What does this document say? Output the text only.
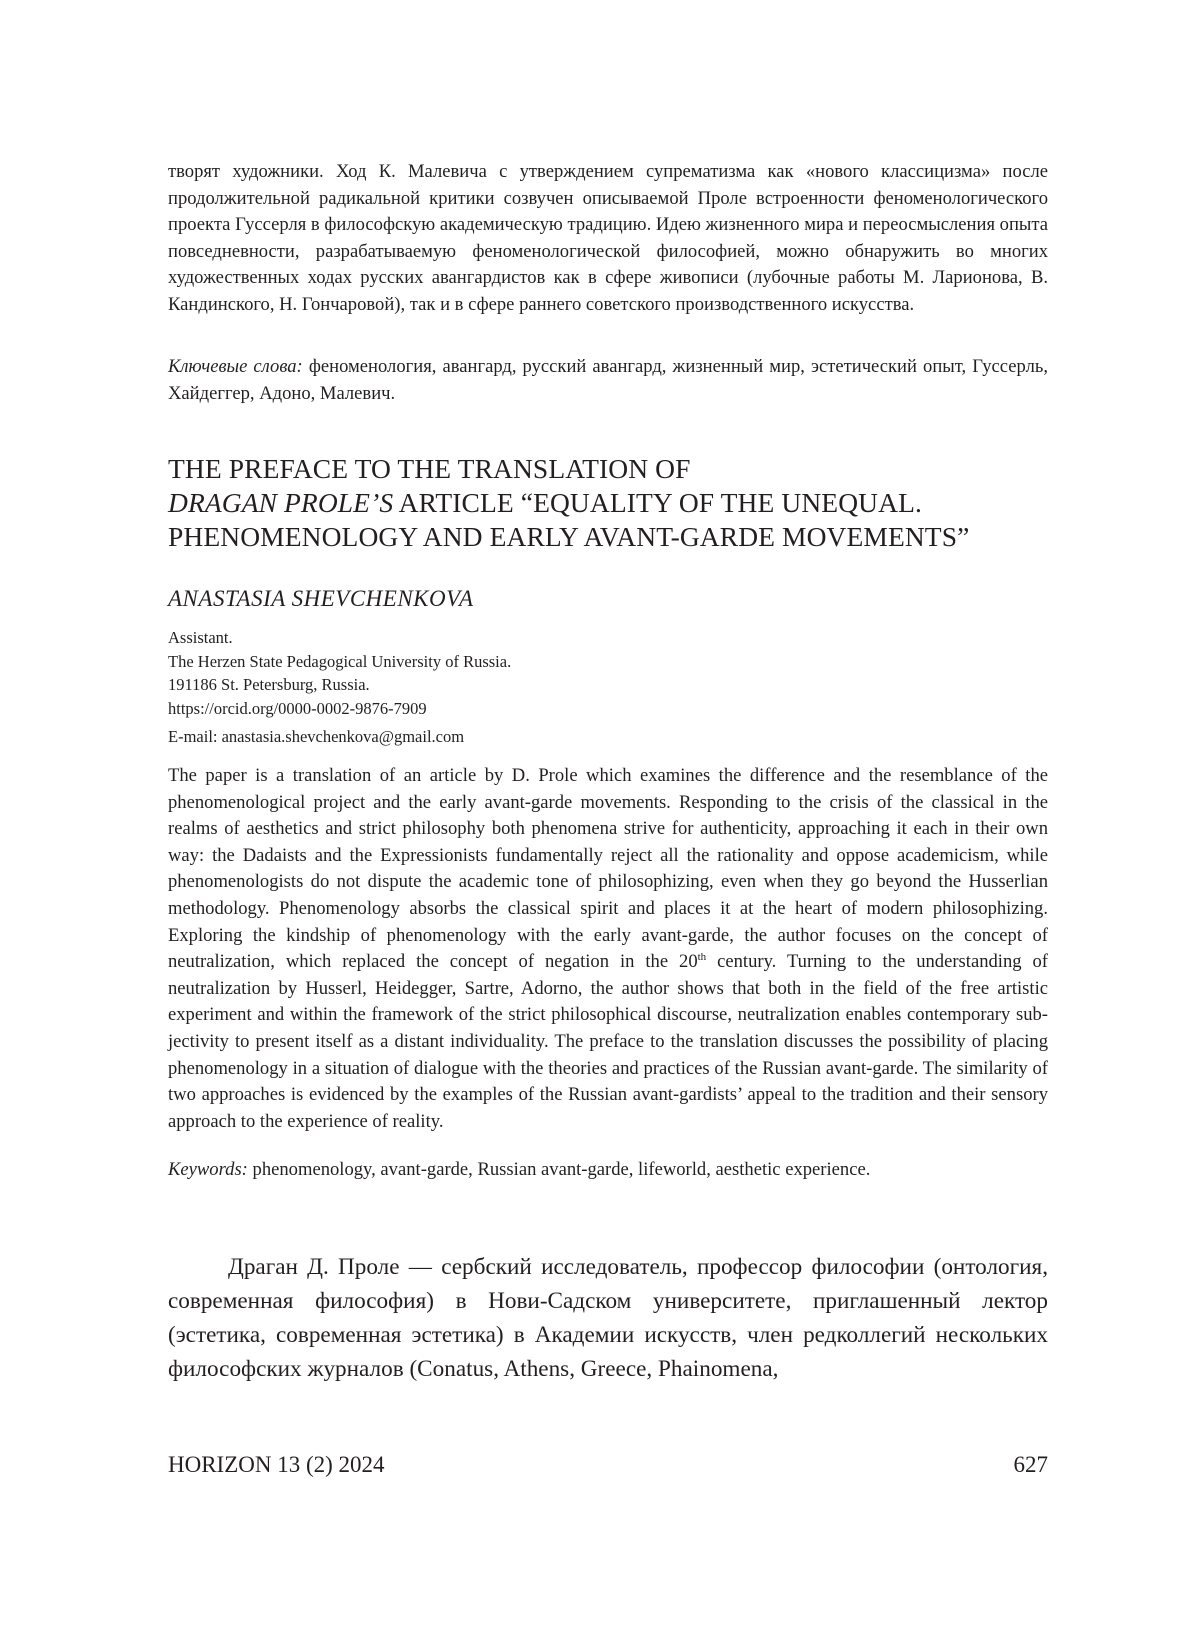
творят художники. Ход К. Малевича с утверждением супрематизма как «нового классицизма» после продолжительной радикальной критики созвучен описываемой Проле встроенности феноменологического проекта Гуссерля в философскую академическую традицию. Идею жизненного мира и переосмысления опыта повседневности, разрабатываемую феноменологической философией, можно обнаружить во многих художественных ходах русских авангардистов как в сфере живописи (лубочные работы М. Ларионова, В. Кандинского, Н. Гончаровой), так и в сфере раннего советского производственного искусства.

Ключевые слова: феноменология, авангард, русский авангард, жизненный мир, эстетический опыт, Гуссерль, Хайдеггер, Адоно, Малевич.

THE PREFACE TO THE TRANSLATION OF
DRAGAN PROLE’S ARTICLE “EQUALITY OF THE UNEQUAL.
PHENOMENOLOGY AND EARLY AVANT-GARDE MOVEMENTS”

ANASTASIA SHEVCHENKOVA

Assistant.
The Herzen State Pedagogical University of Russia.
191186 St. Petersburg, Russia.
https://orcid.org/0000-0002-9876-7909

E-mail: anastasia.shevchenkova@gmail.com

The paper is a translation of an article by D. Prole which examines the difference and the resemblance of the phenomenological project and the early avant-garde movements. Responding to the crisis of the classical in the realms of aesthetics and strict philosophy both phenomena strive for authenticity, approaching it each in their own way: the Dadaists and the Expressionists fundamentally reject all the rationality and oppose academicism, while phenomenologists do not dispute the academic tone of philosophizing, even when they go beyond the Husserlian methodology. Phenomenology absorbs the classical spirit and places it at the heart of modern philosophizing. Exploring the kindship of phenomenology with the early avant-garde, the author focuses on the concept of neutralization, which replaced the concept of negation in the 20th century. Turning to the understanding of neutralization by Husserl, Heidegger, Sartre, Adorno, the author shows that both in the field of the free artistic experiment and within the framework of the strict philosophical discourse, neutralization enables contemporary subjectivity to present itself as a distant individuality. The preface to the translation discusses the possibility of placing phenomenology in a situation of dialogue with the theories and practices of the Russian avant-garde. The similarity of two approaches is evidenced by the examples of the Russian avant-gardists’ appeal to the tradition and their sensory approach to the experience of reality.

Keywords: phenomenology, avant-garde, Russian avant-garde, lifeworld, aesthetic experience.

Драган Д. Проле — сербский исследователь, профессор философии (онтология, современная философия) в Нови-Садском университете, приглашенный лектор (эстетика, современная эстетика) в Академии искусств, член редколлегий нескольких философских журналов (Conatus, Athens, Greece, Phainomena,

HORIZON 13 (2) 2024	627
